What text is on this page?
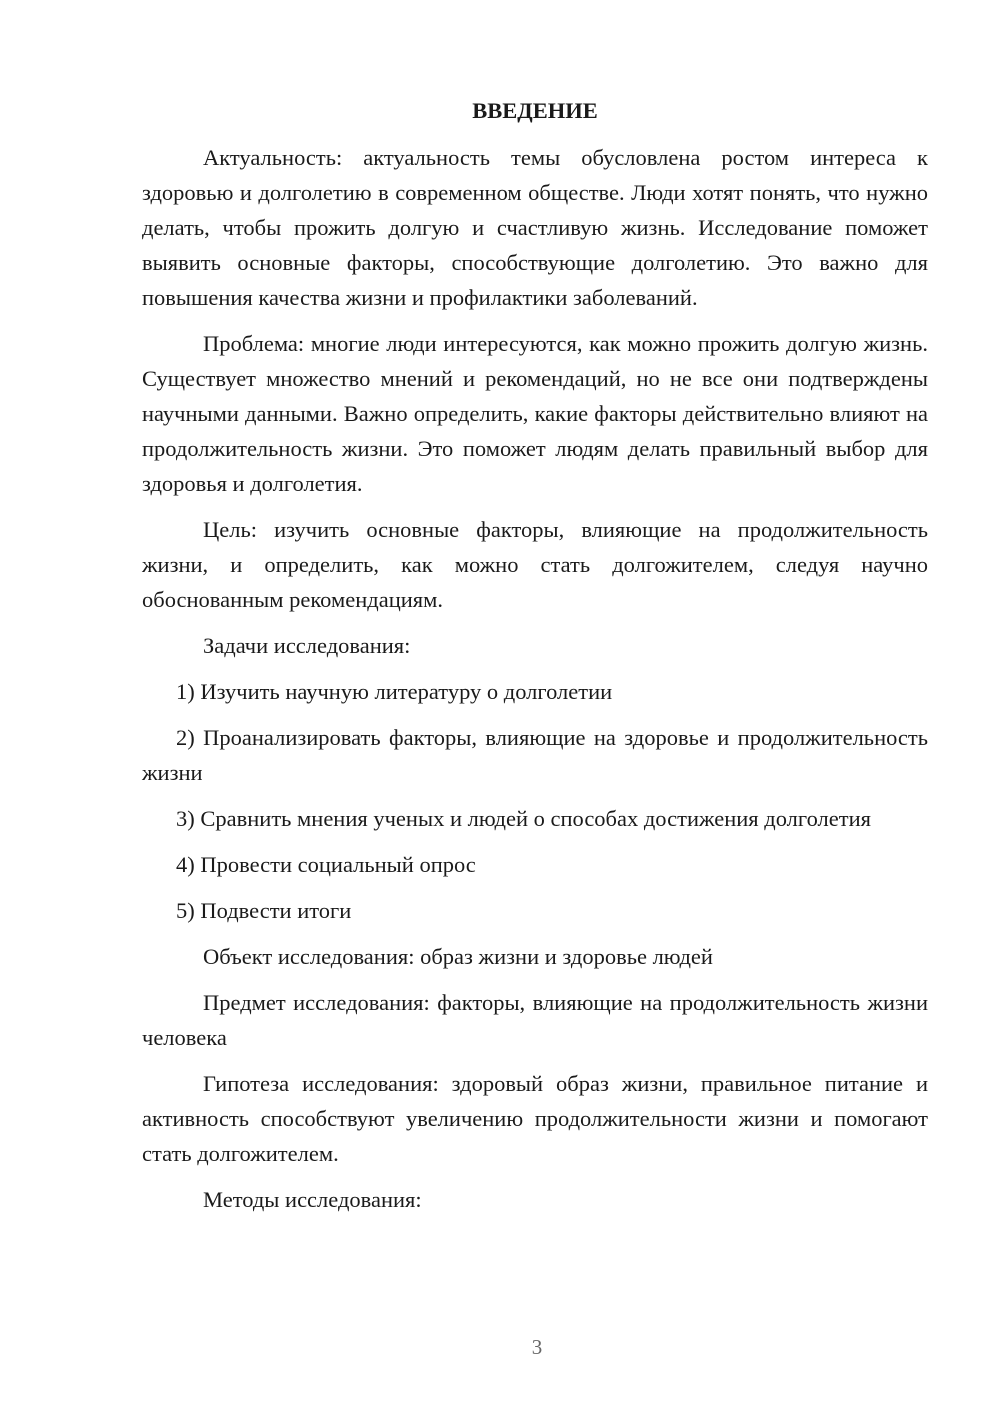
ВВЕДЕНИЕ

Актуальность: актуальность темы обусловлена ростом интереса к здоровью и долголетию в современном обществе. Люди хотят понять, что нужно делать, чтобы прожить долгую и счастливую жизнь. Исследование поможет выявить основные факторы, способствующие долголетию. Это важно для повышения качества жизни и профилактики заболеваний.

Проблема: многие люди интересуются, как можно прожить долгую жизнь. Существует множество мнений и рекомендаций, но не все они подтверждены научными данными. Важно определить, какие факторы действительно влияют на продолжительность жизни. Это поможет людям делать правильный выбор для здоровья и долголетия.

Цель: изучить основные факторы, влияющие на продолжительность жизни, и определить, как можно стать долгожителем, следуя научно обоснованным рекомендациям.

Задачи исследования:

1) Изучить научную литературу о долголетии

2) Проанализировать факторы, влияющие на здоровье и продолжительность жизни

3) Сравнить мнения ученых и людей о способах достижения долголетия

4) Провести социальный опрос

5) Подвести итоги

Объект исследования: образ жизни и здоровье людей

Предмет исследования: факторы, влияющие на продолжительность жизни человека

Гипотеза исследования: здоровый образ жизни, правильное питание и активность способствуют увеличению продолжительности жизни и помогают стать долгожителем.

Методы исследования:

3
